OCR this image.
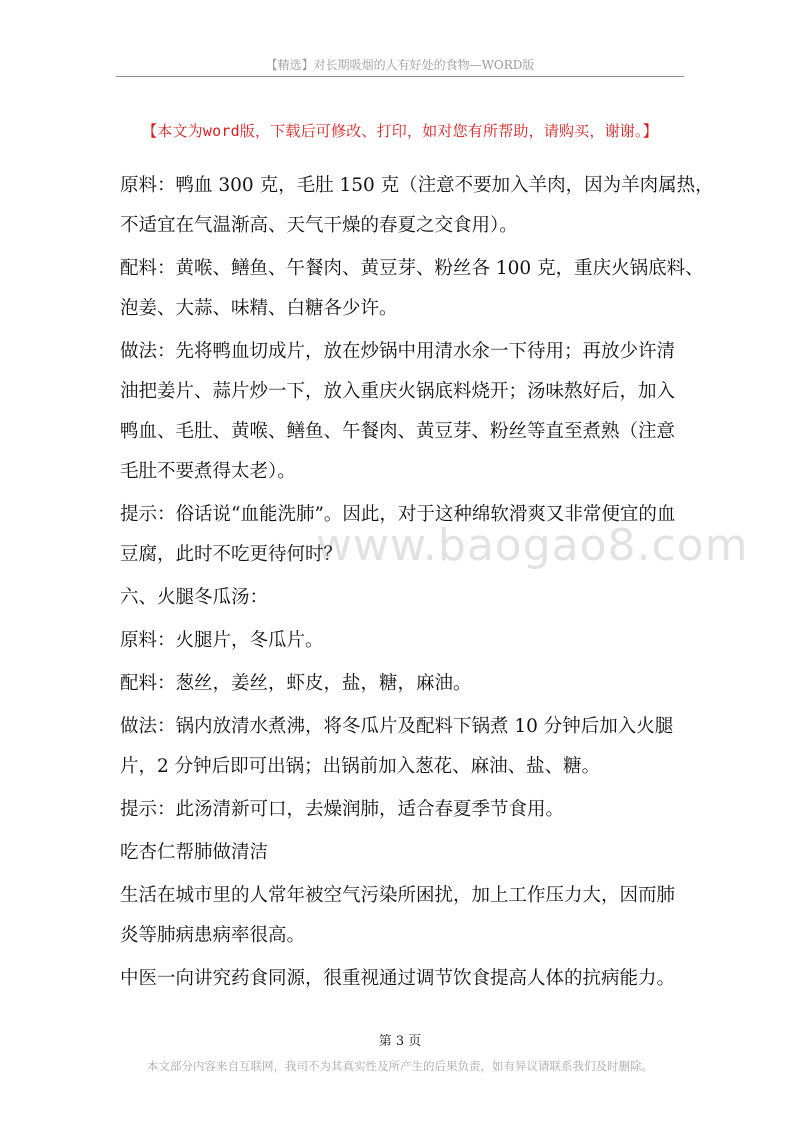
【精选】对长期吸烟的人有好处的食物—WORD版
【本文为word版，下载后可修改、打印，如对您有所帮助，请购买，谢谢。】
www.baogao8.com
原料：鸭血 300 克，毛肚 150 克（注意不要加入羊肉，因为羊肉属热，
不适宜在气温渐高、天气干燥的春夏之交食用）。
配料：黄喉、鳝鱼、午餐肉、黄豆芽、粉丝各 100 克，重庆火锅底料、
泡姜、大蒜、味精、白糖各少许。
做法：先将鸭血切成片，放在炒锅中用清水氽一下待用；再放少许清
油把姜片、蒜片炒一下，放入重庆火锅底料烧开；汤味熬好后，加入
鸭血、毛肚、黄喉、鳝鱼、午餐肉、黄豆芽、粉丝等直至煮熟（注意
毛肚不要煮得太老）。
提示：俗话说“血能洗肺”。因此，对于这种绵软滑爽又非常便宜的血
豆腐，此时不吃更待何时？
六、火腿冬瓜汤：
原料：火腿片，冬瓜片。
配料：葱丝，姜丝，虾皮，盐，糖，麻油。
做法：锅内放清水煮沸，将冬瓜片及配料下锅煮 10 分钟后加入火腿
片，2 分钟后即可出锅；出锅前加入葱花、麻油、盐、糖。
提示：此汤清新可口，去燥润肺，适合春夏季节食用。
吃杏仁帮肺做清洁
生活在城市里的人常年被空气污染所困扰，加上工作压力大，因而肺
炎等肺病患病率很高。
中医一向讲究药食同源，很重视通过调节饮食提高人体的抗病能力。
第 3 页
本文部分内容来自互联网，我司不为其真实性及所产生的后果负责，如有异议请联系我们及时删除。
